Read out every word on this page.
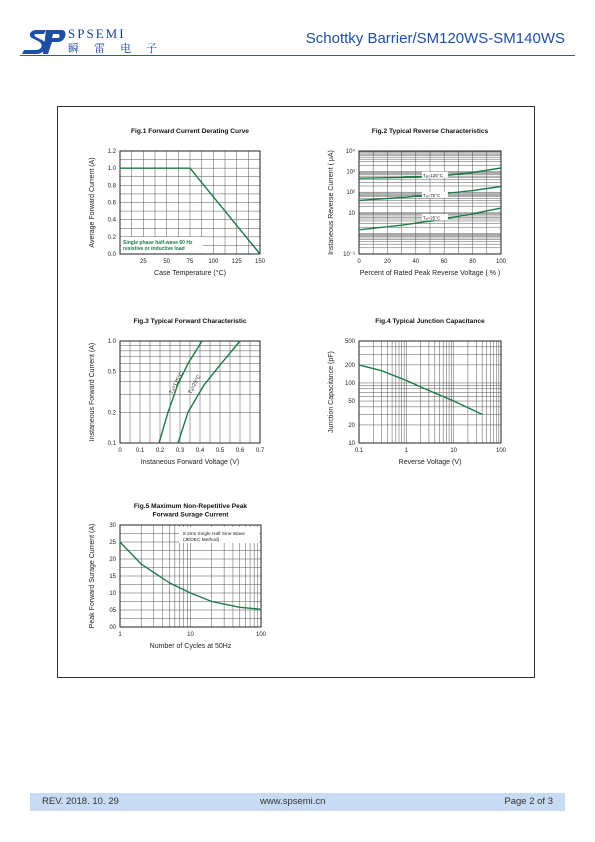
SPSEMI
瞬 雷 电 子
Schottky Barrier/SM120WS-SM140WS
Fig.1 Forward Current Derating Curve
25	50	75 100 125 150
0.0
0.2
0.4
0.6
0.8
1.0
1.2
Case Temperature (°C)
Average Forward Current (A)	Single phase half-wave 60 Hz
resistive or inductive load
Fig.2 Typical Reverse Characteristics
0	20	40	60	80	100
10⁻¹
10
10²
10³
10⁴
Percent of Rated Peak Reverse Voltage ( % )
Instaneous Reverse Current ( μA)	Tₐ=125°C
Tₐ=75°C
Tₐ=25°C
Fig.3 Typical Forward Characteristic
0 0.1 0.2 0.3 0.4 0.5 0.6 0.7
0.1
0.2
0.5
1.0
Instaneous Forward Voltage (V)
Instaneous Forward Current (A)	Tₐ=125°C Tₐ=25°C
Fig.4 Typical Junction Capacitance
0.1	1	10	100
10
20
50
100
200
500
Reverse Voltage (V)
Junction Capacitance (pF)
Fig.5 Maximum Non-Repetitive Peak
Forward Surage Current
1	10	100
00
05
10
15
20
25
30
Number of Cycles at 50Hz
Peak Forward Surage Current (A)	8.3ms Single Half Sine Wave
(JEDEC Method)
REV. 2018. 10. 29	www.spsemi.cn	Page 2 of 3
